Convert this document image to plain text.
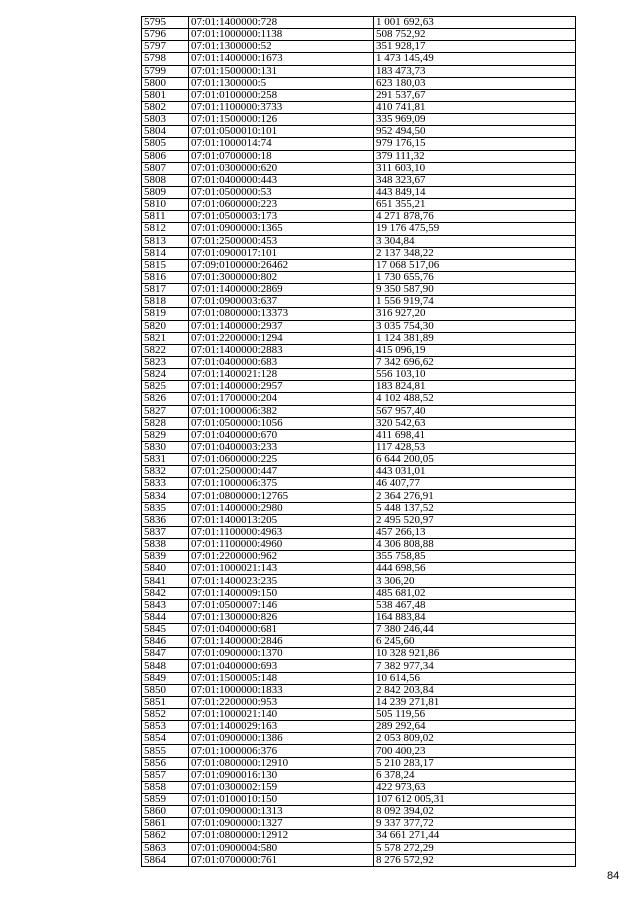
5795	07:01:1400000:728	1 001 692,63
5796	07:01:1000000:1138	508 752,92
5797	07:01:1300000:52	351 928,17
5798	07:01:1400000:1673	1 473 145,49
5799	07:01:1500000:131	183 473,73
5800	07:01:1300000:5	623 180,03
5801	07:01:0100000:258	291 537,67
5802	07:01:1100000:3733	410 741,81
5803	07:01:1500000:126	335 969,09
5804	07:01:0500010:101	952 494,50
5805	07:01:1000014:74	979 176,15
5806	07:01:0700000:18	379 111,32
5807	07:01:0300000:620	311 603,10
5808	07:01:0400000:443	348 323,67
5809	07:01:0500000:53	443 849,14
5810	07:01:0600000:223	651 355,21
5811	07:01:0500003:173	4 271 878,76
5812	07:01:0900000:1365	19 176 475,59
5813	07:01:2500000:453	3 304,84
5814	07:01:0900017:101	2 137 348,22
5815	07:09:0100000:26462	17 068 517,06
5816	07:01:3000000:802	1 730 655,76
5817	07:01:1400000:2869	9 350 587,90
5818	07:01:0900003:637	1 556 919,74
5819	07:01:0800000:13373	316 927,20
5820	07:01:1400000:2937	3 035 754,30
5821	07:01:2200000:1294	1 124 381,89
5822	07:01:1400000:2883	415 096,19
5823	07:01:0400000:683	7 342 696,62
5824	07:01:1400021:128	556 103,10
5825	07:01:1400000:2957	183 824,81
5826	07:01:1700000:204	4 102 488,52
5827	07:01:1000006:382	567 957,40
5828	07:01:0500000:1056	320 542,63
5829	07:01:0400000:670	411 698,41
5830	07:01:0400003:233	117 428,53
5831	07:01:0600000:225	6 644 200,05
5832	07:01:2500000:447	443 031,01
5833	07:01:1000006:375	46 407,77
5834	07:01:0800000:12765	2 364 276,91
5835	07:01:1400000:2980	5 448 137,52
5836	07:01:1400013:205	2 495 520,97
5837	07:01:1100000:4963	457 266,13
5838	07:01:1100000:4960	4 306 808,88
5839	07:01:2200000:962	355 758,85
5840	07:01:1000021:143	444 698,56
5841	07:01:1400023:235	3 306,20
5842	07:01:1400009:150	485 681,02
5843	07:01:0500007:146	538 467,48
5844	07:01:1300000:826	164 883,84
5845	07:01:0400000:681	7 380 246,44
5846	07:01:1400000:2846	6 245,60
5847	07:01:0900000:1370	10 328 921,86
5848	07:01:0400000:693	7 382 977,34
5849	07:01:1500005:148	10 614,56
5850	07:01:1000000:1833	2 842 203,84
5851	07:01:2200000:953	14 239 271,81
5852	07:01:1000021:140	505 119,56
5853	07:01:1400029:163	289 292,64
5854	07:01:0900000:1386	2 053 809,02
5855	07:01:1000006:376	700 400,23
5856	07:01:0800000:12910	5 210 283,17
5857	07:01:0900016:130	6 378,24
5858	07:01:0300002:159	422 973,63
5859	07:01:0100010:150	107 612 005,31
5860	07:01:0900000:1313	8 092 394,02
5861	07:01:0900000:1327	9 337 377,72
5862	07:01:0800000:12912	34 661 271,44
5863	07:01:0900004:580	5 578 272,29
5864	07:01:0700000:761	8 276 572,92
84
